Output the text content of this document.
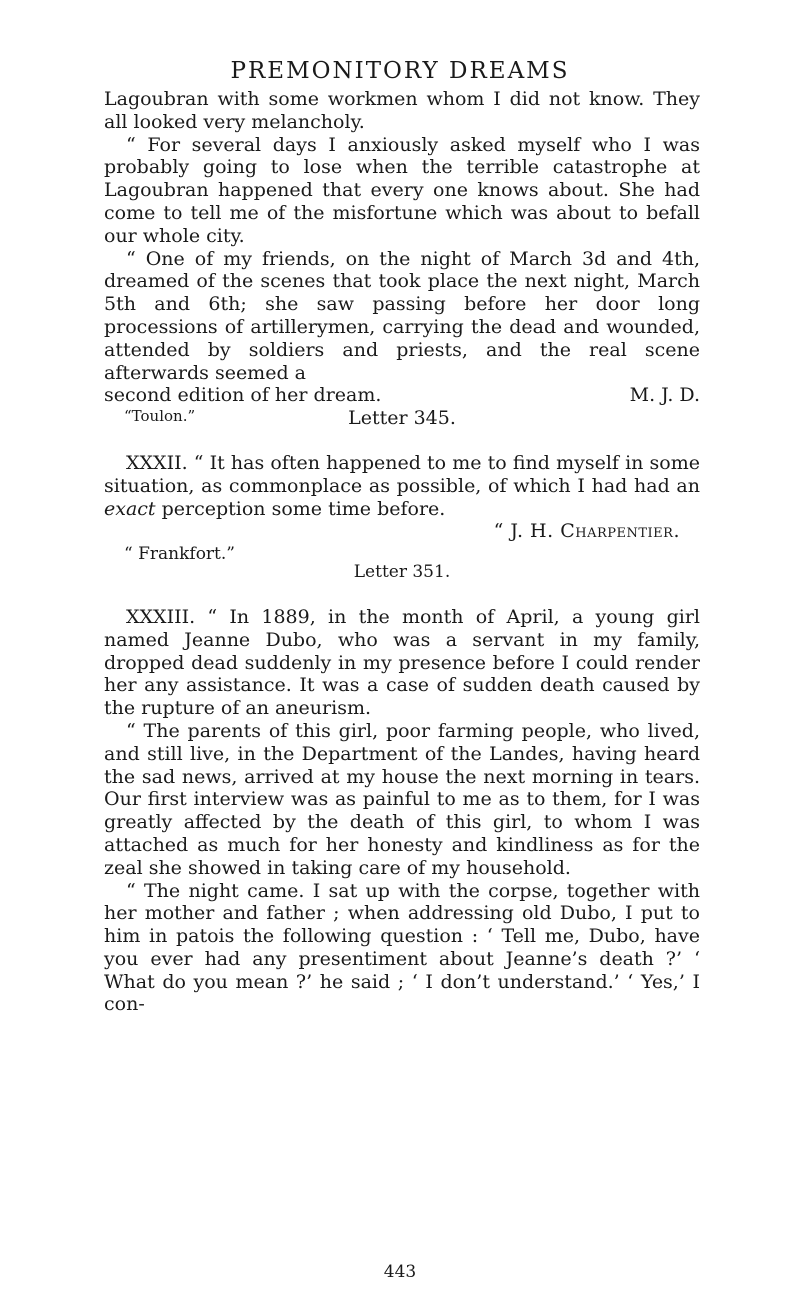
PREMONITORY DREAMS

Lagoubran with some workmen whom I did not know. They all looked very melancholy.

“ For several days I anxiously asked myself who I was probably going to lose when the terrible catastrophe at Lagoubran happened that every one knows about. She had come to tell me of the misfortune which was about to befall our whole city.

“ One of my friends, on the night of March 3d and 4th, dreamed of the scenes that took place the next night, March 5th and 6th; she saw passing before her door long processions of artillerymen, carrying the dead and wounded, attended by soldiers and priests, and the real scene afterwards seemed a

second edition of her dream.	M. J. D.
“Toulon.”	Letter 345.

XXXII. “ It has often happened to me to find myself in some situation, as commonplace as possible, of which I had had an exact perception some time before.

“ J. H. Charpentier.
“ Frankfort.”
Letter 351.

XXXIII. “ In 1889, in the month of April, a young girl named Jeanne Dubo, who was a servant in my family, dropped dead suddenly in my presence before I could render her any assistance. It was a case of sudden death caused by the rupture of an aneurism.

“ The parents of this girl, poor farming people, who lived, and still live, in the Department of the Landes, having heard the sad news, arrived at my house the next morning in tears. Our first interview was as painful to me as to them, for I was greatly affected by the death of this girl, to whom I was attached as much for her honesty and kindliness as for the zeal she showed in taking care of my household.

“ The night came. I sat up with the corpse, together with her mother and father ; when addressing old Dubo, I put to him in patois the following question : ‘ Tell me, Dubo, have you ever had any presentiment about Jeanne’s death ?’ ‘ What do you mean ?’ he said ; ‘ I don’t understand.’ ‘ Yes,’ I con-

443
